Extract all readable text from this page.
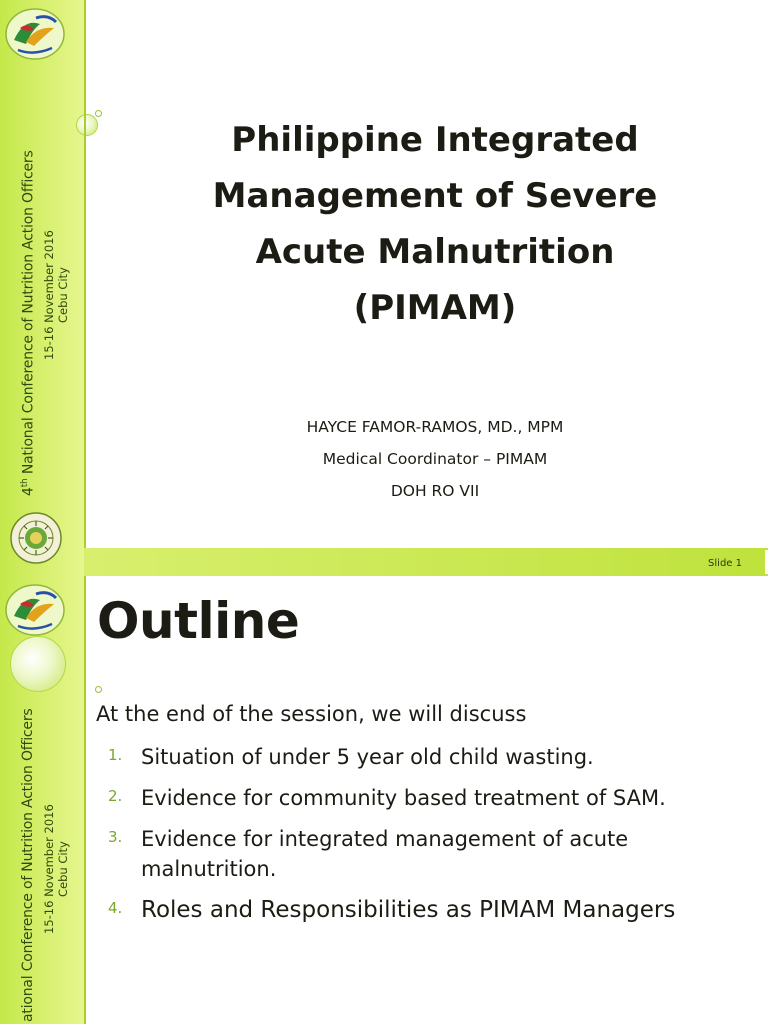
4th National Conference of Nutrition Action Officers 15-16 November 2016 Cebu City
Philippine Integrated
Management of Severe
Acute Malnutrition
(PIMAM)
HAYCE FAMOR-RAMOS, MD., MPM
Medical Coordinator – PIMAM
DOH RO VII
Slide 1
ational Conference of Nutrition Action Officers 15-16 November 2016 Cebu City
Outline
At the end of the session, we will discuss
1. Situation of under 5 year old child wasting.
2. Evidence for community based treatment of SAM.
3. Evidence for integrated management of acute malnutrition.
4. Roles and Responsibilities as PIMAM Managers
